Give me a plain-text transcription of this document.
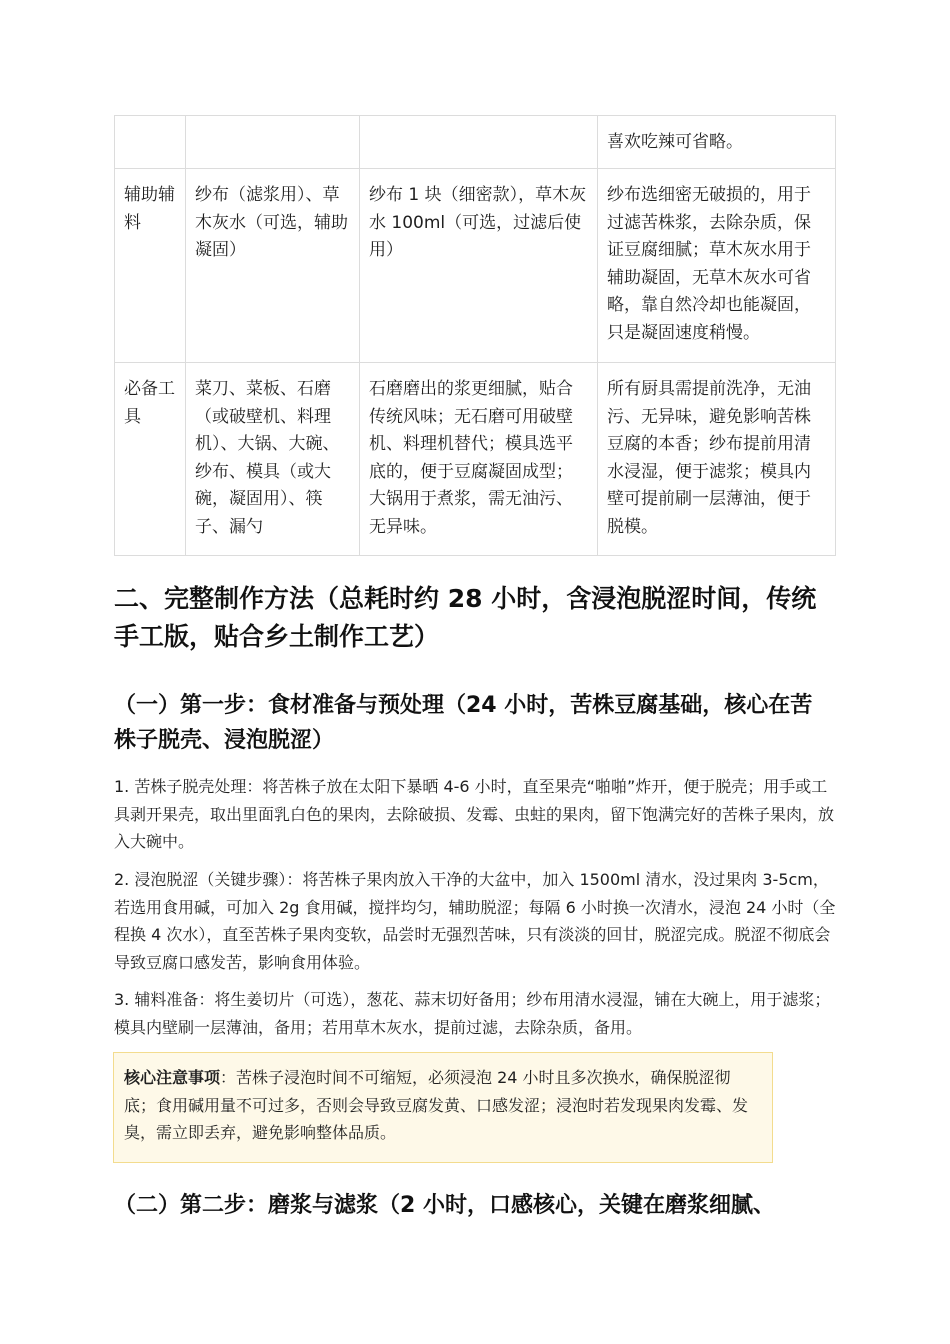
			喜欢吃辣可省略。
辅助辅料	纱布（滤浆用）、草木灰水（可选，辅助凝固）	纱布 1 块（细密款），草木灰水 100ml（可选，过滤后使用）	纱布选细密无破损的，用于过滤苦株浆，去除杂质，保证豆腐细腻；草木灰水用于辅助凝固，无草木灰水可省略，靠自然冷却也能凝固，只是凝固速度稍慢。
必备工具	菜刀、菜板、石磨（或破壁机、料理机）、大锅、大碗、纱布、模具（或大碗，凝固用）、筷子、漏勺	石磨磨出的浆更细腻，贴合传统风味；无石磨可用破壁机、料理机替代；模具选平底的，便于豆腐凝固成型；大锅用于煮浆，需无油污、无异味。	所有厨具需提前洗净，无油污、无异味，避免影响苦株豆腐的本香；纱布提前用清水浸湿，便于滤浆；模具内壁可提前刷一层薄油，便于脱模。
二、完整制作方法（总耗时约 28 小时，含浸泡脱涩时间，传统手工版，贴合乡土制作工艺）
（一）第一步：食材准备与预处理（24 小时，苦株豆腐基础，核心在苦株子脱壳、浸泡脱涩）

1. 苦株子脱壳处理：将苦株子放在太阳下暴晒 4-6 小时，直至果壳“啪啪”炸开，便于脱壳；用手或工具剥开果壳，取出里面乳白色的果肉，去除破损、发霉、虫蛀的果肉，留下饱满完好的苦株子果肉，放入大碗中。

2. 浸泡脱涩（关键步骤）：将苦株子果肉放入干净的大盆中，加入 1500ml 清水，没过果肉 3-5cm，若选用食用碱，可加入 2g 食用碱，搅拌均匀，辅助脱涩；每隔 6 小时换一次清水，浸泡 24 小时（全程换 4 次水），直至苦株子果肉变软，品尝时无强烈苦味，只有淡淡的回甘，脱涩完成。脱涩不彻底会导致豆腐口感发苦，影响食用体验。

3. 辅料准备：将生姜切片（可选），葱花、蒜末切好备用；纱布用清水浸湿，铺在大碗上，用于滤浆；模具内壁刷一层薄油，备用；若用草木灰水，提前过滤，去除杂质，备用。

核心注意事项：苦株子浸泡时间不可缩短，必须浸泡 24 小时且多次换水，确保脱涩彻底；食用碱用量不可过多，否则会导致豆腐发黄、口感发涩；浸泡时若发现果肉发霉、发臭，需立即丢弃，避免影响整体品质。
（二）第二步：磨浆与滤浆（2 小时，口感核心，关键在磨浆细腻、
